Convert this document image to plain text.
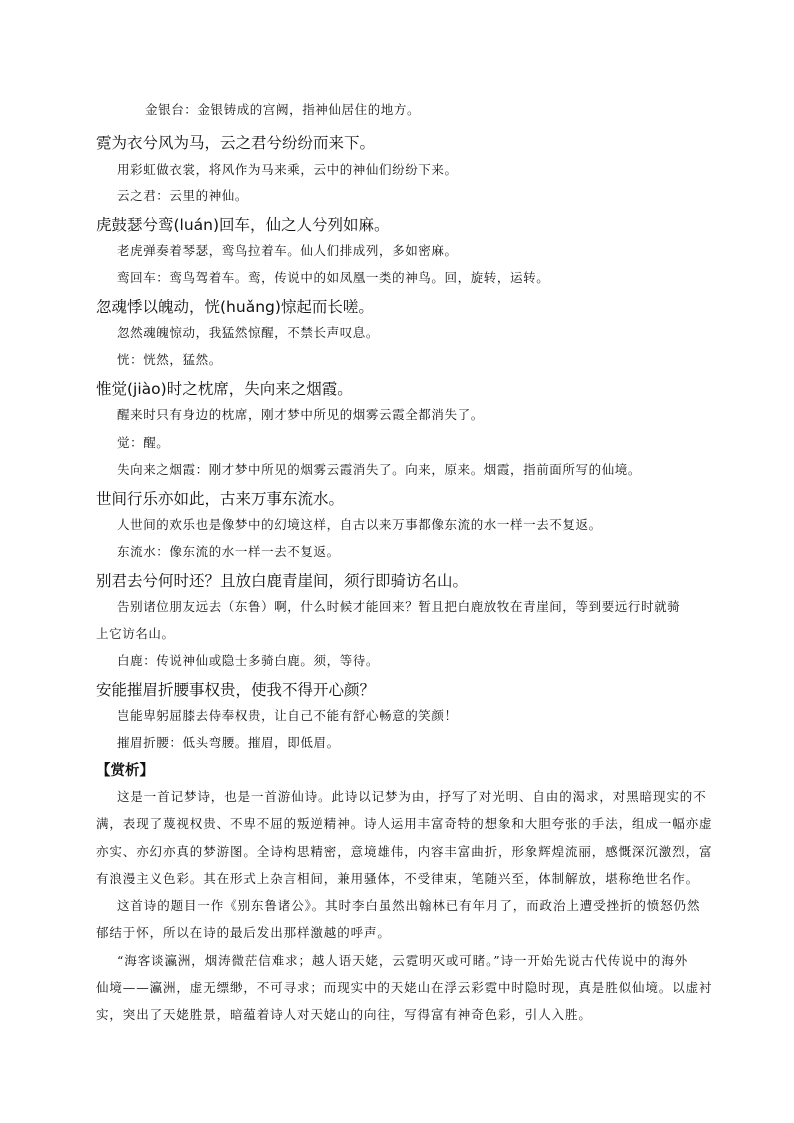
金银台：金银铸成的宫阙，指神仙居住的地方。
霓为衣兮风为马，云之君兮纷纷而来下。
用彩虹做衣裳，将风作为马来乘，云中的神仙们纷纷下来。
云之君：云里的神仙。
虎鼓瑟兮鸾(luán)回车，仙之人兮列如麻。
老虎弹奏着琴瑟，鸾鸟拉着车。仙人们排成列，多如密麻。
鸾回车：鸾鸟驾着车。鸾，传说中的如凤凰一类的神鸟。回，旋转，运转。
忽魂悸以魄动，恍(huǎng)惊起而长嗟。
忽然魂魄惊动，我猛然惊醒，不禁长声叹息。
恍：恍然，猛然。
惟觉(jiào)时之枕席，失向来之烟霞。
醒来时只有身边的枕席，刚才梦中所见的烟雾云霞全都消失了。
觉：醒。
失向来之烟霞：刚才梦中所见的烟雾云霞消失了。向来，原来。烟霞，指前面所写的仙境。
世间行乐亦如此，古来万事东流水。
人世间的欢乐也是像梦中的幻境这样，自古以来万事都像东流的水一样一去不复返。
东流水：像东流的水一样一去不复返。
别君去兮何时还？且放白鹿青崖间，须行即骑访名山。
告别诸位朋友远去（东鲁）啊，什么时候才能回来？暂且把白鹿放牧在青崖间，等到要远行时就骑
上它访名山。
白鹿：传说神仙或隐士多骑白鹿。须，等待。
安能摧眉折腰事权贵，使我不得开心颜？
岂能卑躬屈膝去侍奉权贵，让自己不能有舒心畅意的笑颜！
摧眉折腰：低头弯腰。摧眉，即低眉。
【赏析】
这是一首记梦诗，也是一首游仙诗。此诗以记梦为由，抒写了对光明、自由的渴求，对黑暗现实的不
满，表现了蔑视权贵、不卑不屈的叛逆精神。诗人运用丰富奇特的想象和大胆夸张的手法，组成一幅亦虚
亦实、亦幻亦真的梦游图。全诗构思精密，意境雄伟，内容丰富曲折，形象辉煌流丽，感慨深沉激烈，富
有浪漫主义色彩。其在形式上杂言相间，兼用骚体，不受律束，笔随兴至，体制解放，堪称绝世名作。
这首诗的题目一作《别东鲁诸公》。其时李白虽然出翰林已有年月了，而政治上遭受挫折的愤怒仍然
郁结于怀，所以在诗的最后发出那样激越的呼声。
“海客谈瀛洲，烟涛微茫信难求；越人语天姥，云霓明灭或可睹。”诗一开始先说古代传说中的海外
仙境——瀛洲，虚无缥缈，不可寻求；而现实中的天姥山在浮云彩霓中时隐时现，真是胜似仙境。以虚衬
实，突出了天姥胜景，暗蕴着诗人对天姥山的向往，写得富有神奇色彩，引人入胜。
